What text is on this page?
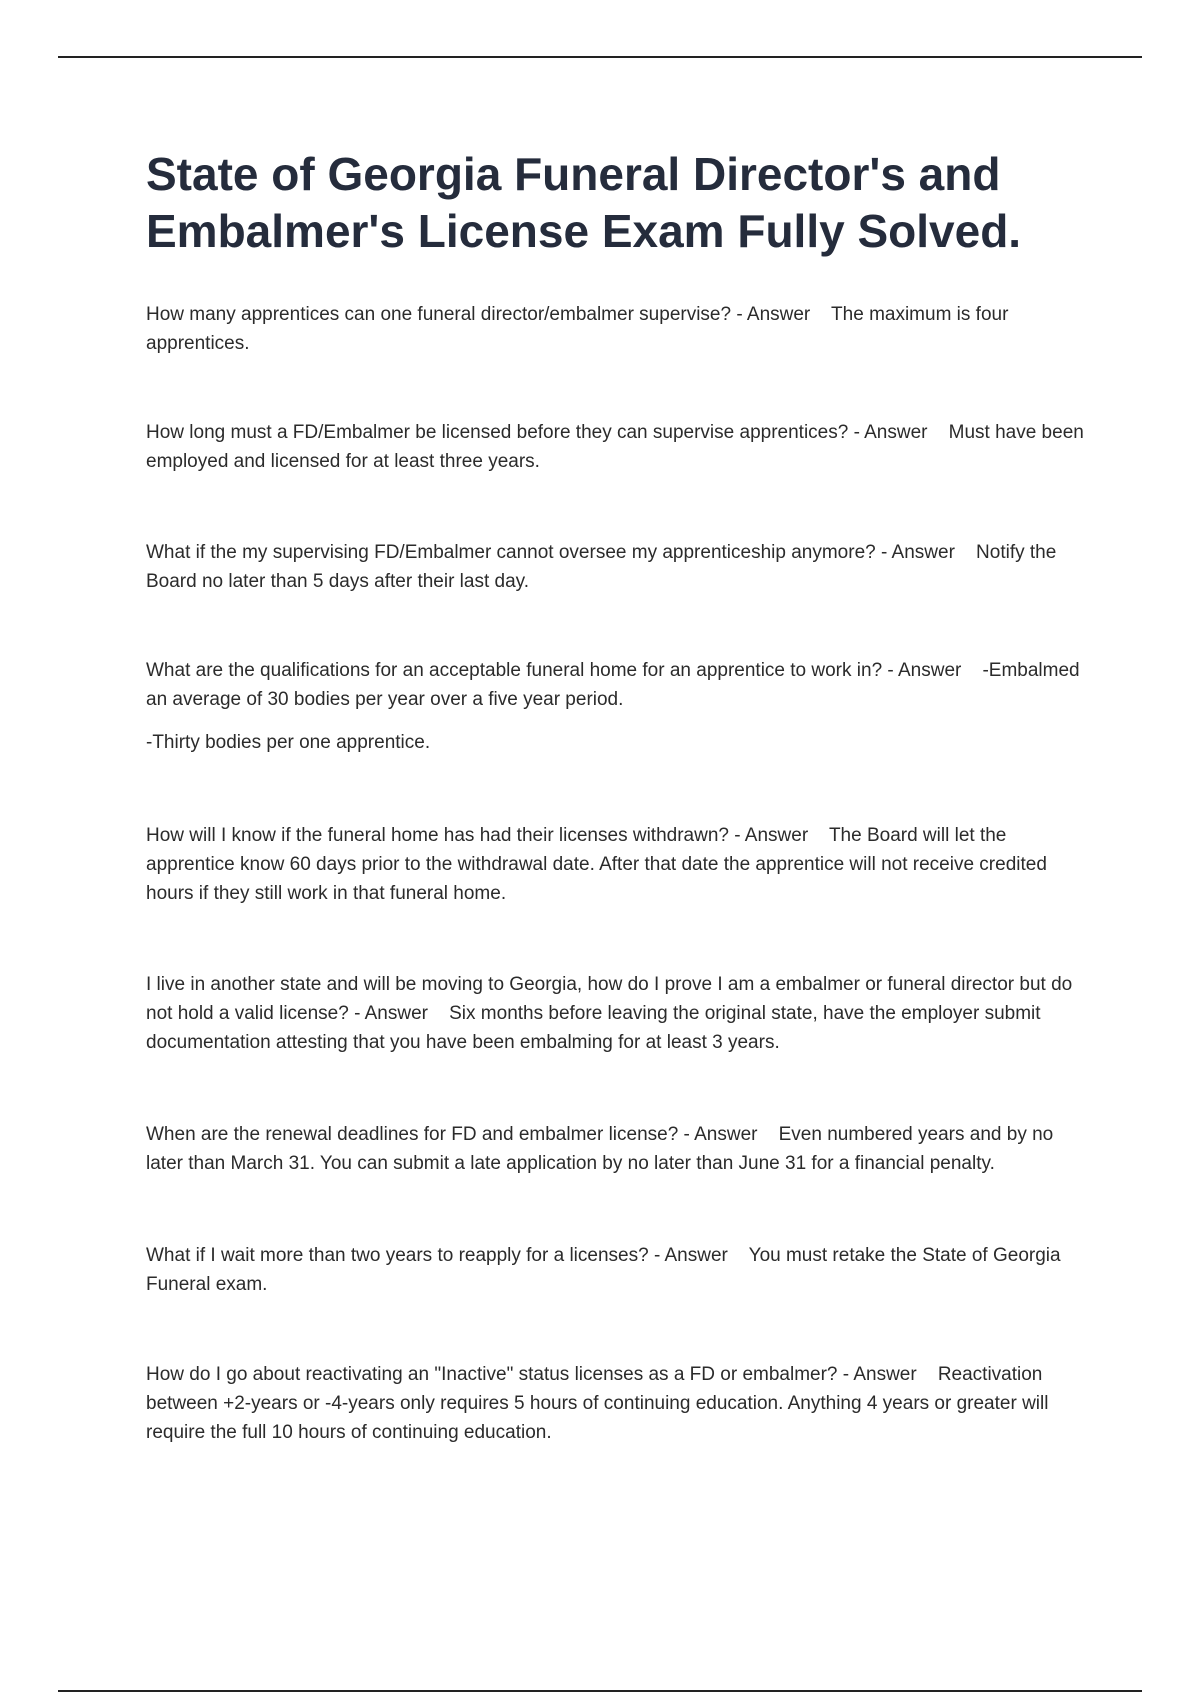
State of Georgia Funeral Director's and Embalmer's License Exam Fully Solved.

How many apprentices can one funeral director/embalmer supervise? - Answer The maximum is four apprentices.

How long must a FD/Embalmer be licensed before they can supervise apprentices? - Answer Must have been employed and licensed for at least three years.

What if the my supervising FD/Embalmer cannot oversee my apprenticeship anymore? - Answer Notify the Board no later than 5 days after their last day.

What are the qualifications for an acceptable funeral home for an apprentice to work in? - Answer -Embalmed an average of 30 bodies per year over a five year period.

-Thirty bodies per one apprentice.

How will I know if the funeral home has had their licenses withdrawn? - Answer The Board will let the apprentice know 60 days prior to the withdrawal date. After that date the apprentice will not receive credited hours if they still work in that funeral home.

I live in another state and will be moving to Georgia, how do I prove I am a embalmer or funeral director but do not hold a valid license? - Answer Six months before leaving the original state, have the employer submit documentation attesting that you have been embalming for at least 3 years.

When are the renewal deadlines for FD and embalmer license? - Answer Even numbered years and by no later than March 31. You can submit a late application by no later than June 31 for a financial penalty.

What if I wait more than two years to reapply for a licenses? - Answer You must retake the State of Georgia Funeral exam.

How do I go about reactivating an "Inactive" status licenses as a FD or embalmer? - Answer Reactivation between +2-years or -4-years only requires 5 hours of continuing education. Anything 4 years or greater will require the full 10 hours of continuing education.
